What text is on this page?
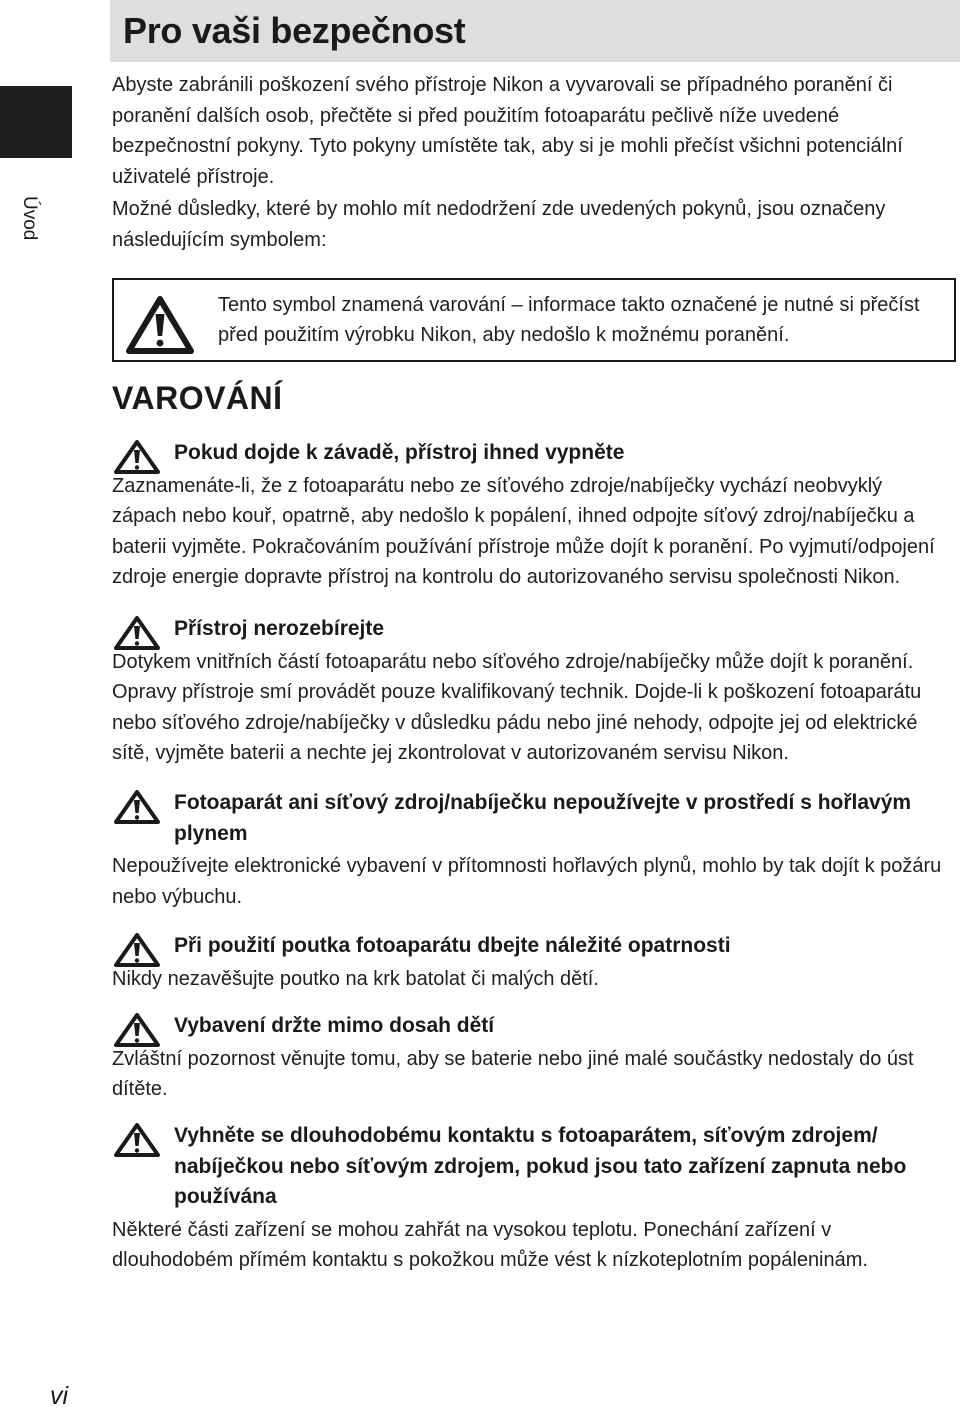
Pro vaši bezpečnost
Úvod

Abyste zabránili poškození svého přístroje Nikon a vyvarovali se případného poranění či poranění dalších osob, přečtěte si před použitím fotoaparátu pečlivě níže uvedené bezpečnostní pokyny. Tyto pokyny umístěte tak, aby si je mohli přečíst všichni potenciální uživatelé přístroje.

Možné důsledky, které by mohlo mít nedodržení zde uvedených pokynů, jsou označeny následujícím symbolem:

Tento symbol znamená varování – informace takto označené je nutné si přečíst před použitím výrobku Nikon, aby nedošlo k možnému poranění.
VAROVÁNÍ

Pokud dojde k závadě, přístroj ihned vypněte

Zaznamenáte-li, že z fotoaparátu nebo ze síťového zdroje/nabíječky vychází neobvyklý zápach nebo kouř, opatrně, aby nedošlo k popálení, ihned odpojte síťový zdroj/nabíječku a baterii vyjměte. Pokračováním používání přístroje může dojít k poranění. Po vyjmutí/odpojení zdroje energie dopravte přístroj na kontrolu do autorizovaného servisu společnosti Nikon.

Přístroj nerozebírejte

Dotykem vnitřních částí fotoaparátu nebo síťového zdroje/nabíječky může dojít k poranění. Opravy přístroje smí provádět pouze kvalifikovaný technik. Dojde-li k poškození fotoaparátu nebo síťového zdroje/nabíječky v důsledku pádu nebo jiné nehody, odpojte jej od elektrické sítě, vyjměte baterii a nechte jej zkontrolovat v autorizovaném servisu Nikon.

Fotoaparát ani síťový zdroj/nabíječku nepoužívejte v prostředí s hořlavým plynem

Nepoužívejte elektronické vybavení v přítomnosti hořlavých plynů, mohlo by tak dojít k požáru nebo výbuchu.

Při použití poutka fotoaparátu dbejte náležité opatrnosti

Nikdy nezavěšujte poutko na krk batolat či malých dětí.

Vybavení držte mimo dosah dětí

Zvláštní pozornost věnujte tomu, aby se baterie nebo jiné malé součástky nedostaly do úst dítěte.

Vyhněte se dlouhodobému kontaktu s fotoaparátem, síťovým zdrojem/ nabíječkou nebo síťovým zdrojem, pokud jsou tato zařízení zapnuta nebo používána

Některé části zařízení se mohou zahřát na vysokou teplotu. Ponechání zařízení v dlouhodobém přímém kontaktu s pokožkou může vést k nízkoteplotním popáleninám.

vi
